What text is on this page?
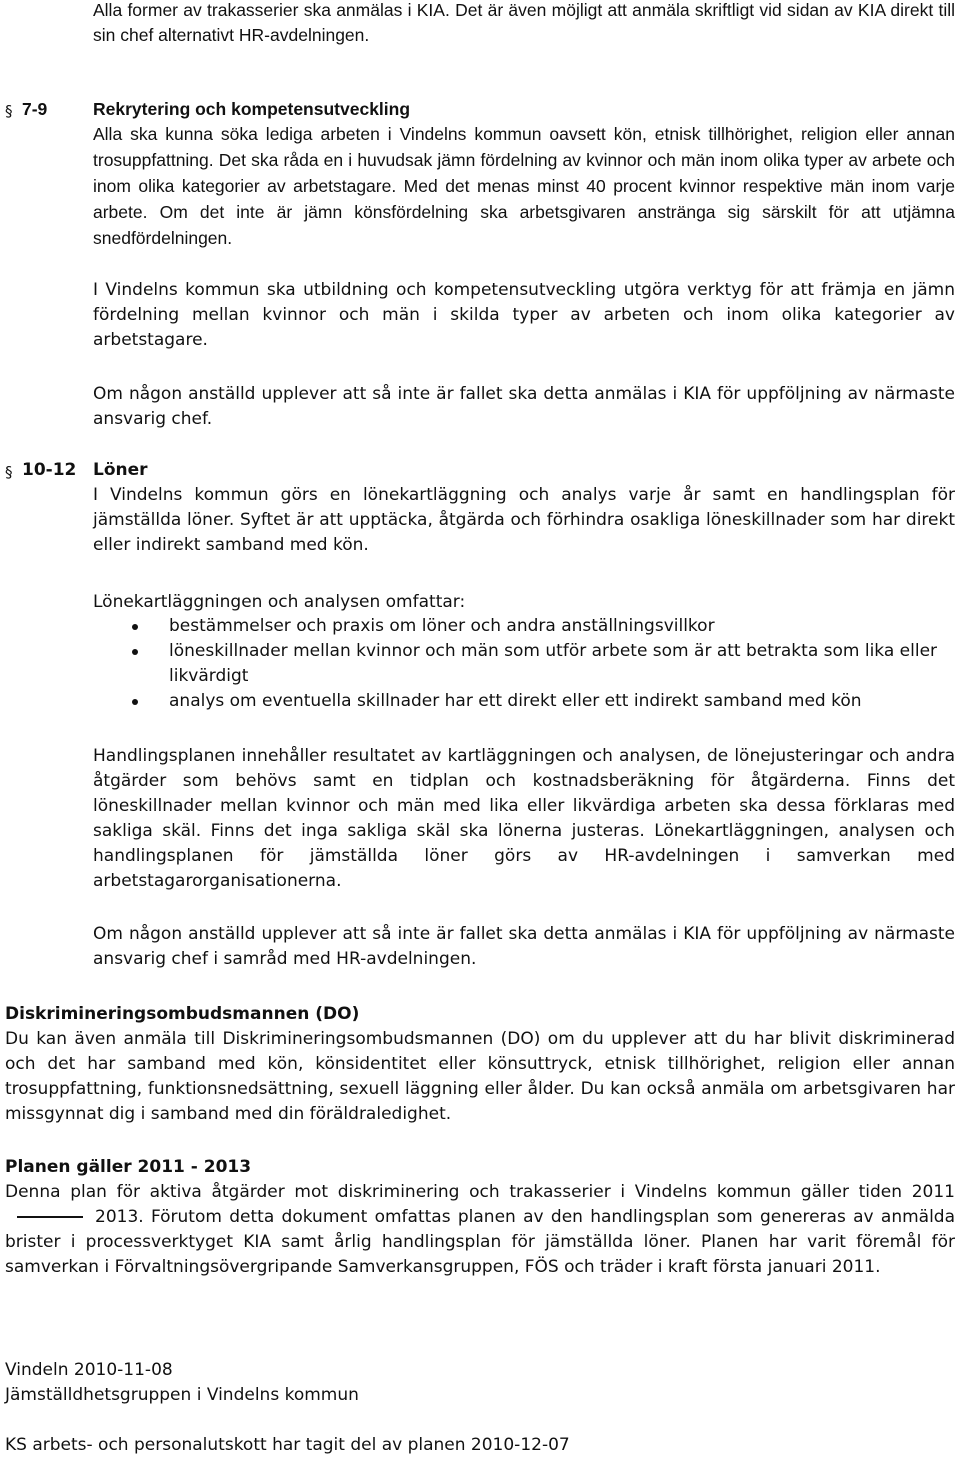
Alla former av trakasserier ska anmälas i KIA. Det är även möjligt att anmäla skriftligt vid sidan av KIA direkt till sin chef alternativt HR-avdelningen.

§ 7-9	Rekrytering och kompetensutveckling

Alla ska kunna söka lediga arbeten i Vindelns kommun oavsett kön, etnisk tillhörighet, religion eller annan trosuppfattning. Det ska råda en i huvudsak jämn fördelning av kvinnor och män inom olika typer av arbete och inom olika kategorier av arbetstagare. Med det menas minst 40 procent kvinnor respektive män inom varje arbete. Om det inte är jämn könsfördelning ska arbetsgivaren anstränga sig särskilt för att utjämna snedfördelningen.

I Vindelns kommun ska utbildning och kompetensutveckling utgöra verktyg för att främja en jämn fördelning mellan kvinnor och män i skilda typer av arbeten och inom olika kategorier av arbetstagare.

Om någon anställd upplever att så inte är fallet ska detta anmälas i KIA för uppföljning av närmaste ansvarig chef.

§ 10-12 Löner

I Vindelns kommun görs en lönekartläggning och analys varje år samt en handlingsplan för jämställda löner. Syftet är att upptäcka, åtgärda och förhindra osakliga löneskillnader som har direkt eller indirekt samband med kön.

Lönekartläggningen och analysen omfattar:

bestämmelser och praxis om löner och andra anställningsvillkor
löneskillnader mellan kvinnor och män som utför arbete som är att betrakta som lika eller likvärdigt
analys om eventuella skillnader har ett direkt eller ett indirekt samband med kön

Handlingsplanen innehåller resultatet av kartläggningen och analysen, de lönejusteringar och andra åtgärder som behövs samt en tidplan och kostnadsberäkning för åtgärderna. Finns det löneskillnader mellan kvinnor och män med lika eller likvärdiga arbeten ska dessa förklaras med sakliga skäl. Finns det inga sakliga skäl ska lönerna justeras. Lönekartläggningen, analysen och handlingsplanen för jämställda löner görs av HR-avdelningen i samverkan med arbetstagarorganisationerna.

Om någon anställd upplever att så inte är fallet ska detta anmälas i KIA för uppföljning av närmaste ansvarig chef i samråd med HR-avdelningen.

Diskrimineringsombudsmannen (DO)

Du kan även anmäla till Diskrimineringsombudsmannen (DO) om du upplever att du har blivit diskriminerad och det har samband med kön, könsidentitet eller könsuttryck, etnisk tillhörighet, religion eller annan trosuppfattning, funktionsnedsättning, sexuell läggning eller ålder. Du kan också anmäla om arbetsgivaren har missgynnat dig i samband med din föräldraledighet.

Planen gäller 2011 - 2013

Denna plan för aktiva åtgärder mot diskriminering och trakasserier i Vindelns kommun gäller tiden 20112013. Förutom detta dokument omfattas planen av den handlingsplan som genereras av anmälda brister i processverktyget KIA samt årlig handlingsplan för jämställda löner. Planen har varit föremål för samverkan i Förvaltningsövergripande Samverkansgruppen, FÖS och träder i kraft första januari 2011.

Vindeln 2010-11-08

Jämställdhetsgruppen i Vindelns kommun

KS arbets- och personalutskott har tagit del av planen 2010-12-07
